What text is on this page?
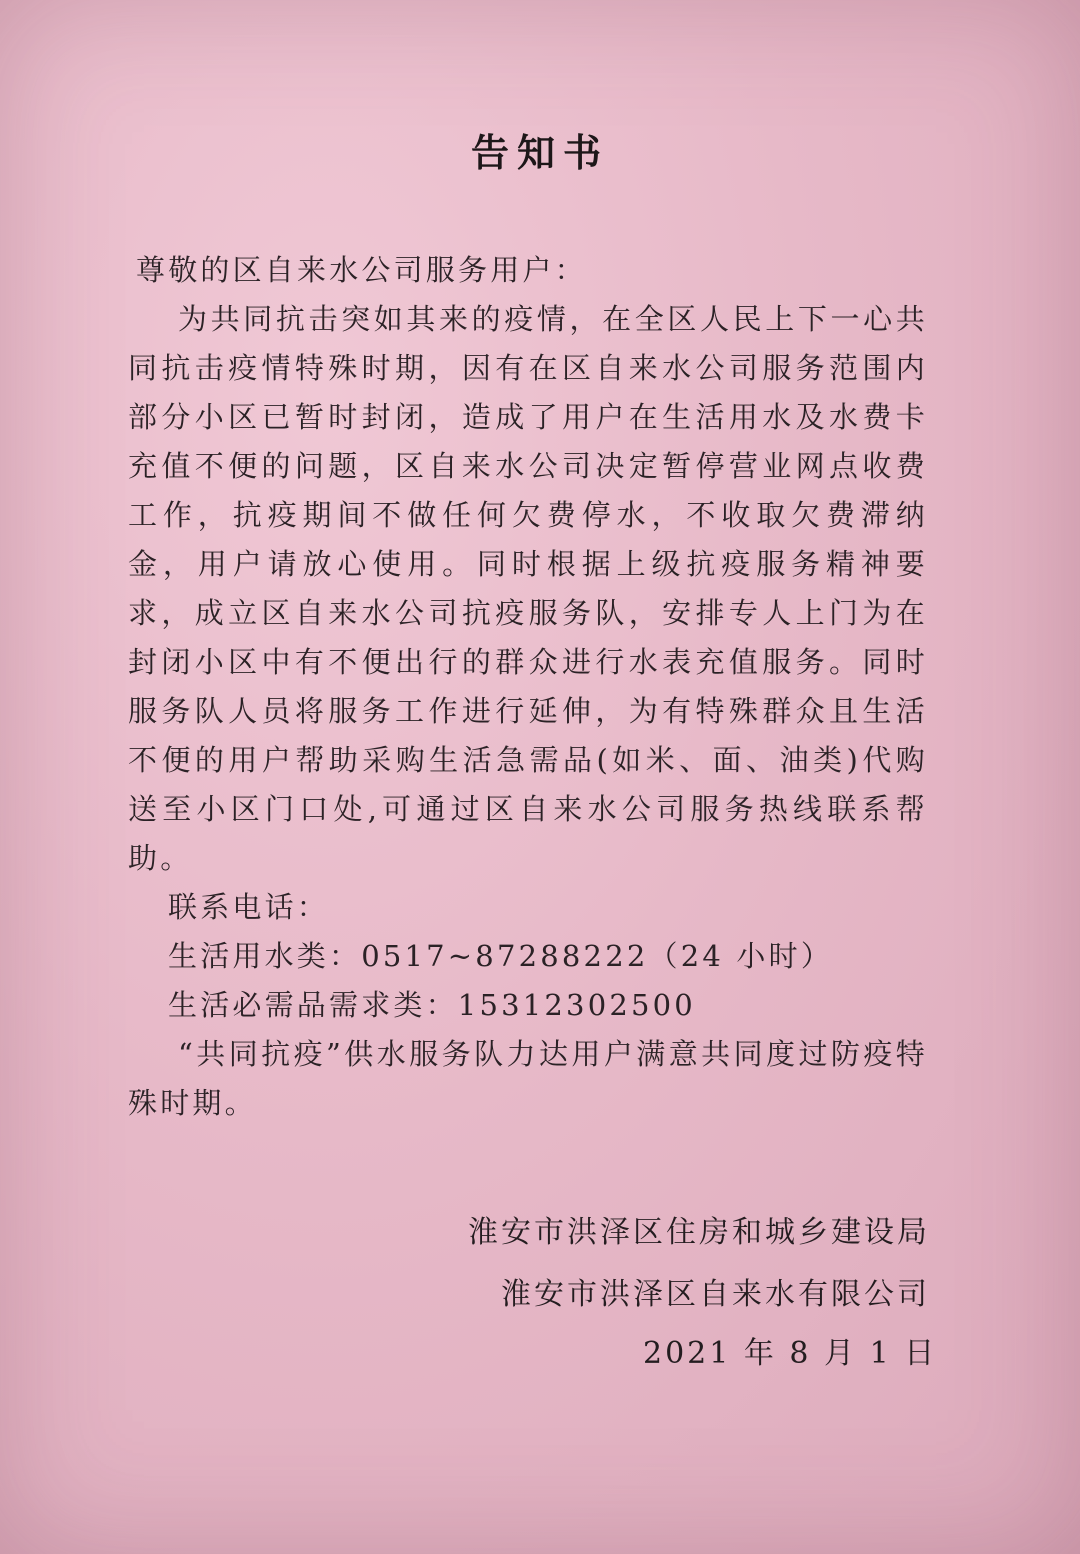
告知书

尊敬的区自来水公司服务用户：

为共同抗击突如其来的疫情，在全区人民上下一心共同抗击疫情特殊时期，因有在区自来水公司服务范围内部分小区已暂时封闭，造成了用户在生活用水及水费卡充值不便的问题，区自来水公司决定暂停营业网点收费工作，抗疫期间不做任何欠费停水，不收取欠费滞纳金，用户请放心使用。同时根据上级抗疫服务精神要求，成立区自来水公司抗疫服务队，安排专人上门为在封闭小区中有不便出行的群众进行水表充值服务。同时服务队人员将服务工作进行延伸，为有特殊群众且生活不便的用户帮助采购生活急需品(如米、面、油类)代购送至小区门口处,可通过区自来水公司服务热线联系帮助。

联系电话：

生活用水类：0517~87288222（24 小时）

生活必需品需求类：15312302500

“共同抗疫”供水服务队力达用户满意共同度过防疫特殊时期。

淮安市洪泽区住房和城乡建设局
淮安市洪泽区自来水有限公司
2021 年 8 月 1 日
